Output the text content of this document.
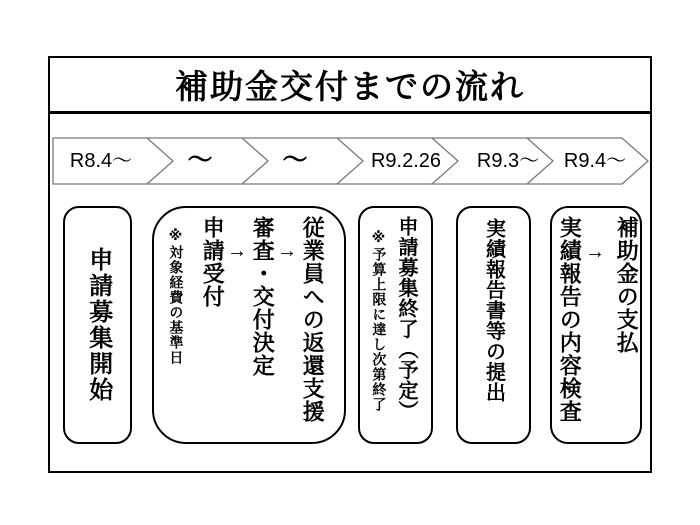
補助金交付までの流れ
R8.4～	～	～	R9.2.26	R9.3～	R9.4～
申請募集開始	※対象経費の基準日 申請受付 → 審査・交付決定 → 従業員への返還支援	申請募集終了（予定）
※予算上限に達し次第終了	実績報告書等の提出 実績報告の内容検査 → 補助金の支払
